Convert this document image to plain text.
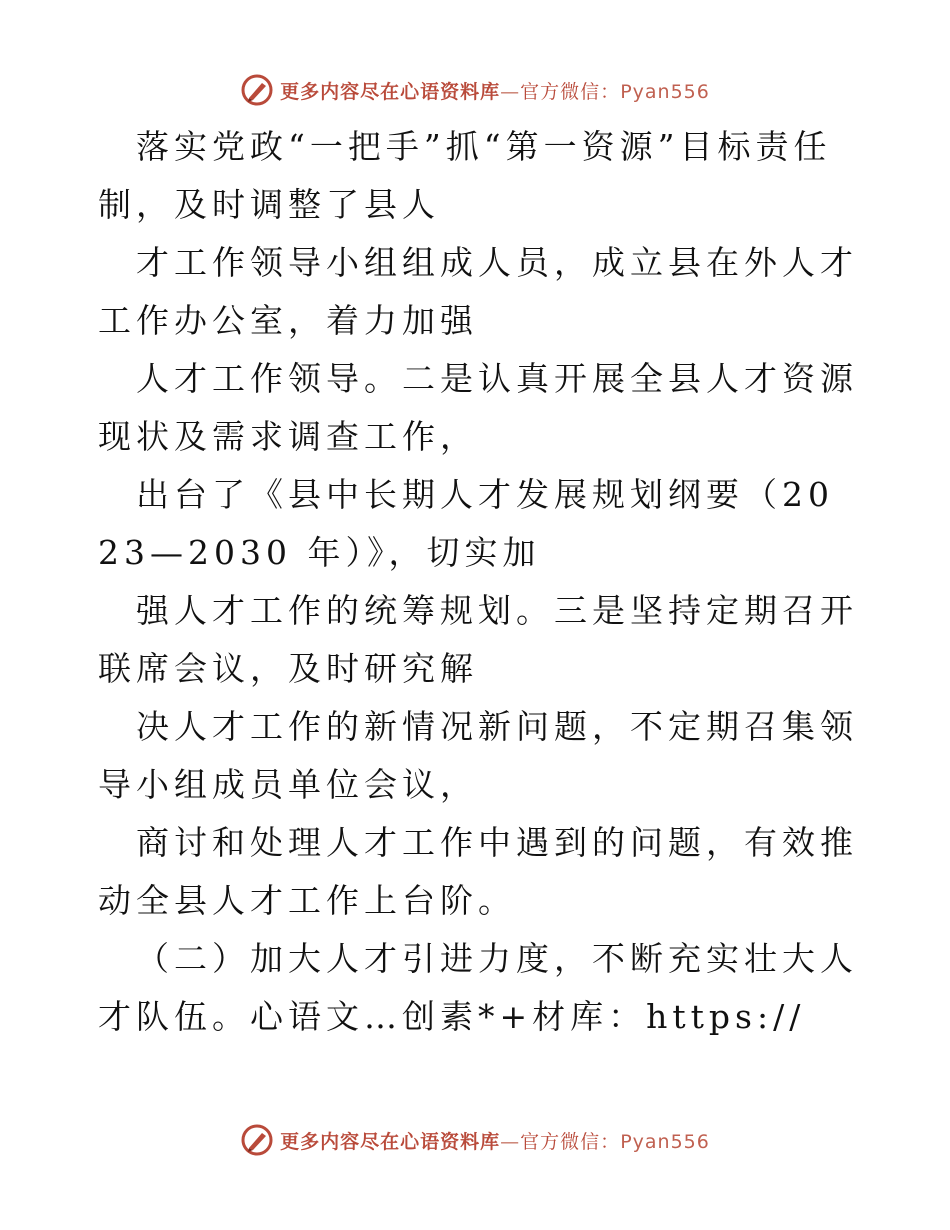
更多内容尽在心语资料库—官方微信：Pyan556

落实党政“一把手”抓“第一资源”目标责任制，及时调整了县人

才工作领导小组组成人员，成立县在外人才工作办公室，着力加强

人才工作领导。二是认真开展全县人才资源现状及需求调查工作，

出台了《县中长期人才发展规划纲要（2023—2030 年）》，切实加

强人才工作的统筹规划。三是坚持定期召开联席会议，及时研究解

决人才工作的新情况新问题，不定期召集领导小组成员单位会议，

商讨和处理人才工作中遇到的问题，有效推动全县人才工作上台阶。

（二）加大人才引进力度，不断充实壮大人才队伍。心语文…创素*+材库：https://

更多内容尽在心语资料库—官方微信：Pyan556
